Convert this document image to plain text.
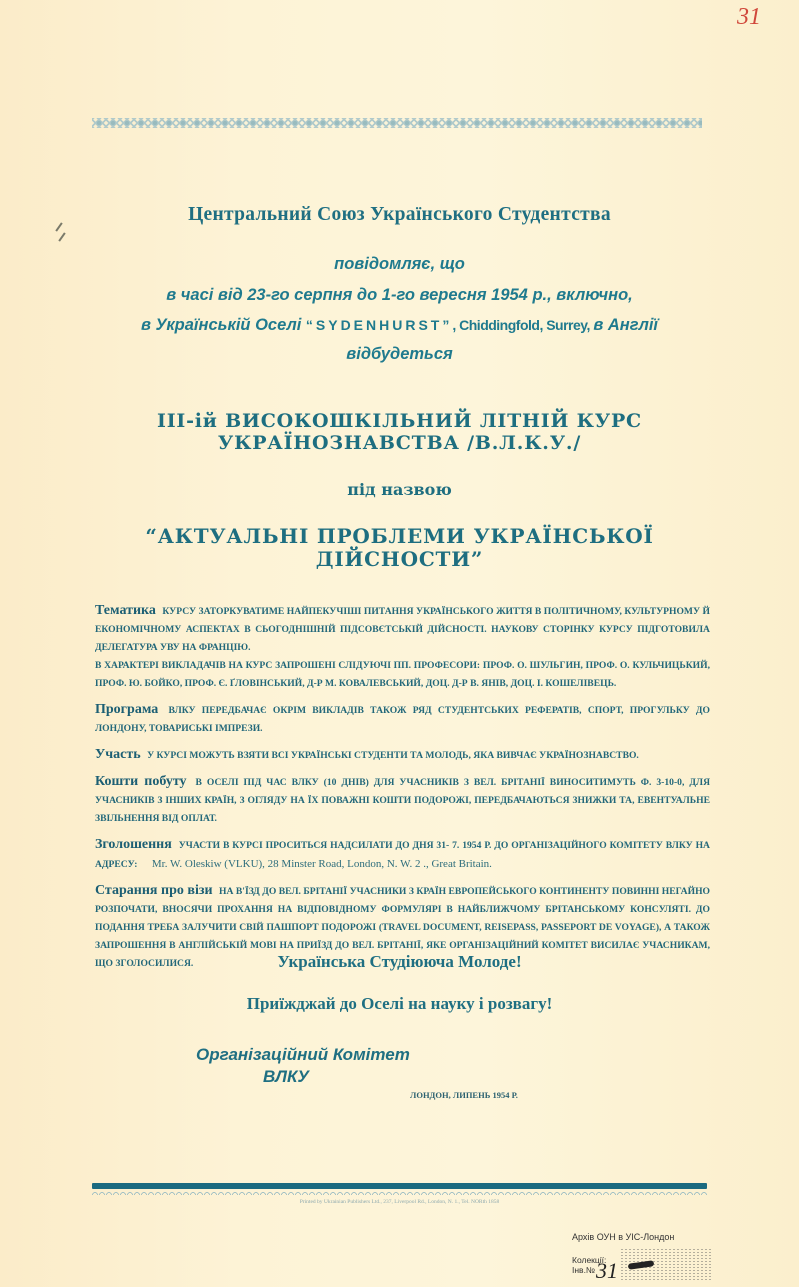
31
Центральний Союз Українського Студентства
повідомляє, що
в часі від 23-го серпня до 1-го вересня 1954 р., включно,
в Українській Оселі “SYDENHURST”, Chiddingfold, Surrey, в Англії
відбудеться
III-ій ВИСОКОШКІЛЬНИЙ ЛІТНІЙ КУРС
УКРАЇНОЗНАВСТВА /В.Л.К.У./
під назвою
“АКТУАЛЬНІ ПРОБЛЕМИ УКРАЇНСЬКОЇ
ДІЙСНОСТИ”

Тематика КУРСУ ЗАТОРКУВАТИМЕ НАЙПЕКУЧІШІ ПИТАННЯ УКРАЇНСЬКОГО ЖИТТЯ В ПОЛІТИЧНОМУ, КУЛЬТУРНОМУ Й ЕКОНОМІЧНОМУ АСПЕКТАХ В СЬОГОДНІШНІЙ ПІДСОВЄТСЬКІЙ ДІЙСНОСТІ. НАУКОВУ СТОРІНКУ КУРСУ ПІДГОТОВИЛА ДЕЛЕГАТУРА УВУ НА ФРАНЦІЮ.

В ХАРАКТЕРІ ВИКЛАДАЧІВ НА КУРС ЗАПРОШЕНІ СЛІДУЮЧІ ПП. ПРОФЕСОРИ: ПРОФ. О. ШУЛЬГИН, ПРОФ. О. КУЛЬЧИЦЬКИЙ, ПРОФ. Ю. БОЙКО, ПРОФ. Є. ҐЛОВІНСЬКИЙ, Д-Р М. КОВАЛЕВСЬКИЙ, ДОЦ. Д-Р В. ЯНІВ, ДОЦ. І. КОШЕЛІВЕЦЬ.

Програма ВЛКУ ПЕРЕДБАЧАЄ ОКРІМ ВИКЛАДІВ ТАКОЖ РЯД СТУДЕНТСЬКИХ РЕФЕРАТІВ, СПОРТ, ПРОГУЛЬКУ ДО ЛОНДОНУ, ТОВАРИСЬКІ ІМПРЕЗИ.

Участь У КУРСІ МОЖУТЬ ВЗЯТИ ВСІ УКРАЇНСЬКІ СТУДЕНТИ ТА МОЛОДЬ, ЯКА ВИВЧАЄ УКРАЇНОЗНАВСТВО.

Кошти побуту В ОСЕЛІ ПІД ЧАС ВЛКУ (10 ДНІВ) ДЛЯ УЧАСНИКІВ З ВЕЛ. БРІТАНІЇ ВИНОСИТИМУТЬ Ф. 3-10-0, ДЛЯ УЧАСНИКІВ З ІНШИХ КРАЇН, З ОГЛЯДУ НА ЇХ ПОВАЖНІ КОШТИ ПОДОРОЖІ, ПЕРЕДБАЧАЮТЬСЯ ЗНИЖКИ ТА, ЕВЕНТУАЛЬНЕ ЗВІЛЬНЕННЯ ВІД ОПЛАТ.

Зголошення УЧАСТИ В КУРСІ ПРОСИТЬСЯ НАДСИЛАТИ ДО ДНЯ 31- 7. 1954 Р. ДО ОРГАНІЗАЦІЙНОГО КОМІТЕТУ ВЛКУ НА АДРЕСУ: Mr. W. Oleskiw (VLKU), 28 Minster Road, London, N. W. 2 ., Great Britain.

Старання про візи НА В'ЇЗД ДО ВЕЛ. БРІТАНІЇ УЧАСНИКИ З КРАЇН ЕВРОПЕЙСЬКОГО КОНТИНЕНТУ ПОВИННІ НЕГАЙНО РОЗПОЧАТИ, ВНОСЯЧИ ПРОХАННЯ НА ВІДПОВІДНОМУ ФОРМУЛЯРІ В НАЙБЛИЖЧОМУ БРІТАНСЬКОМУ КОНСУЛЯТІ. ДО ПОДАННЯ ТРЕБА ЗАЛУЧИТИ СВІЙ ПАШПОРТ ПОДОРОЖІ (TRAVEL DOCUMENT, REISEPASS, PASSEPORT DE VOYAGE), А ТАКОЖ ЗАПРОШЕННЯ В АНГЛІЙСЬКІЙ МОВІ НА ПРИЇЗД ДО ВЕЛ. БРІТАНІЇ, ЯКЕ ОРГАНІЗАЦІЙНИЙ КОМІТЕТ ВИСИЛАЄ УЧАСНИКАМ, ЩО ЗГОЛОСИЛИСЯ.	Українська Студіююча Молоде!
Приїжджай до Оселі на науку і розвагу!
Організаційний Комітет
ВЛКУ
ЛОНДОН, ЛИПЕНЬ 1954 Р.
Printed by Ukrainian Publishers Ltd., 237, Liverpool Rd., London, N. 1., Tel. NORth 1858
Архів ОУН в УІС-Лондон
Колекції:
Інв.№ 31
